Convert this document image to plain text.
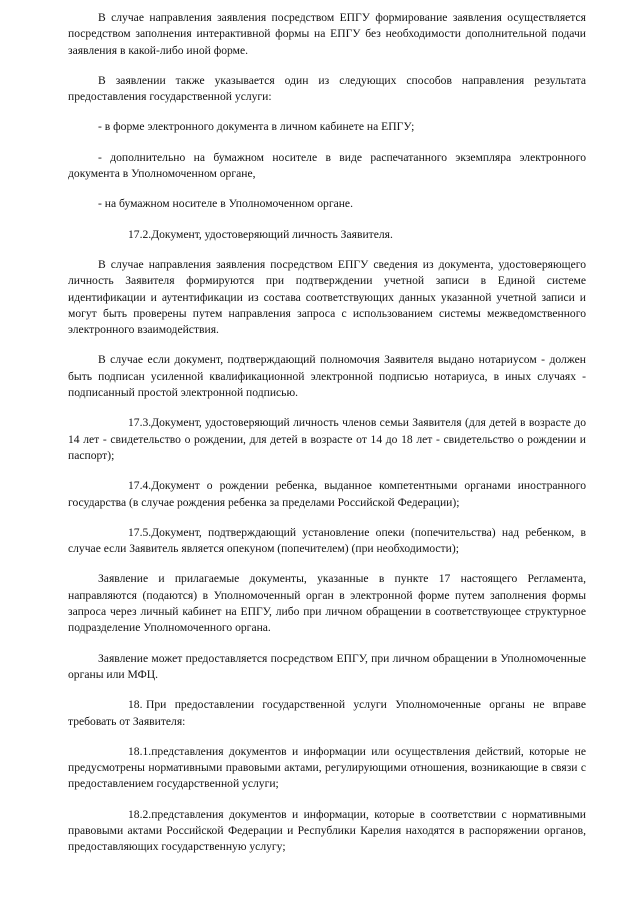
В случае направления заявления посредством ЕПГУ формирование заявления осуществляется посредством заполнения интерактивной формы на ЕПГУ без необходимости дополнительной подачи заявления в какой-либо иной форме.

В заявлении также указывается один из следующих способов направления результата предоставления государственной услуги:

- в форме электронного документа в личном кабинете на ЕПГУ;

- дополнительно на бумажном носителе в виде распечатанного экземпляра электронного документа в Уполномоченном органе,

- на бумажном носителе в Уполномоченном органе.

17.2.Документ, удостоверяющий личность Заявителя.

В случае направления заявления посредством ЕПГУ сведения из документа, удостоверяющего личность Заявителя формируются при подтверждении учетной записи в Единой системе идентификации и аутентификации из состава соответствующих данных указанной учетной записи и могут быть проверены путем направления запроса с использованием системы межведомственного электронного взаимодействия.

В случае если документ, подтверждающий полномочия Заявителя выдано нотариусом - должен быть подписан усиленной квалификационной электронной подписью нотариуса, в иных случаях - подписанный простой электронной подписью.

17.3.Документ, удостоверяющий личность членов семьи Заявителя (для детей в возрасте до 14 лет - свидетельство о рождении, для детей в возрасте от 14 до 18 лет - свидетельство о рождении и паспорт);

17.4.Документ о рождении ребенка, выданное компетентными органами иностранного государства (в случае рождения ребенка за пределами Российской Федерации);

17.5.Документ, подтверждающий установление опеки (попечительства) над ребенком, в случае если Заявитель является опекуном (попечителем) (при необходимости);

Заявление и прилагаемые документы, указанные в пункте 17 настоящего Регламента, направляются (подаются) в Уполномоченный орган в электронной форме путем заполнения формы запроса через личный кабинет на ЕПГУ, либо при личном обращении в соответствующее структурное подразделение Уполномоченного органа.

Заявление может предоставляется посредством ЕПГУ, при личном обращении в Уполномоченные органы или МФЦ.

18. При предоставлении государственной услуги Уполномоченные органы не вправе требовать от Заявителя:

18.1.представления документов и информации или осуществления действий, которые не предусмотрены нормативными правовыми актами, регулирующими отношения, возникающие в связи с предоставлением государственной услуги;

18.2.представления документов и информации, которые в соответствии с нормативными правовыми актами Российской Федерации и Республики Карелия находятся в распоряжении органов, предоставляющих государственную услугу;
